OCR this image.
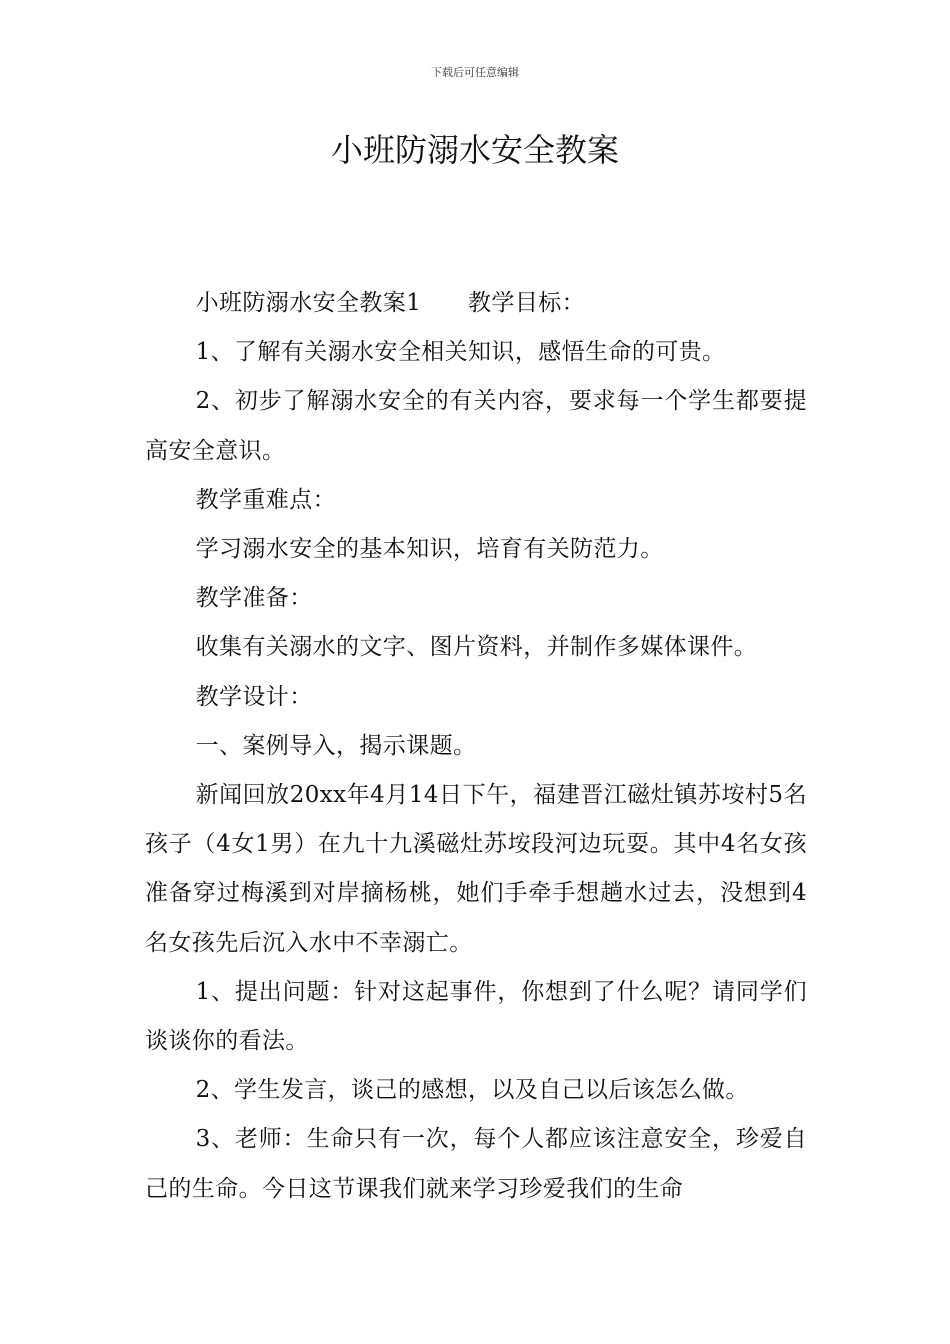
下载后可任意编辑
小班防溺水安全教案

小班防溺水安全教案1　　教学目标：

1、了解有关溺水安全相关知识，感悟生命的可贵。

2、初步了解溺水安全的有关内容，要求每一个学生都要提高安全意识。

教学重难点：

学习溺水安全的基本知识，培育有关防范力。

教学准备：

收集有关溺水的文字、图片资料，并制作多媒体课件。

教学设计：

一、案例导入，揭示课题。

新闻回放20xx年4月14日下午，福建晋江磁灶镇苏垵村5名孩子（4女1男）在九十九溪磁灶苏垵段河边玩耍。其中4名女孩准备穿过梅溪到对岸摘杨桃，她们手牵手想趟水过去，没想到4名女孩先后沉入水中不幸溺亡。

1、提出问题：针对这起事件，你想到了什么呢？请同学们谈谈你的看法。

2、学生发言，谈己的感想，以及自己以后该怎么做。

3、老师：生命只有一次，每个人都应该注意安全，珍爱自己的生命。今日这节课我们就来学习珍爱我们的生命
